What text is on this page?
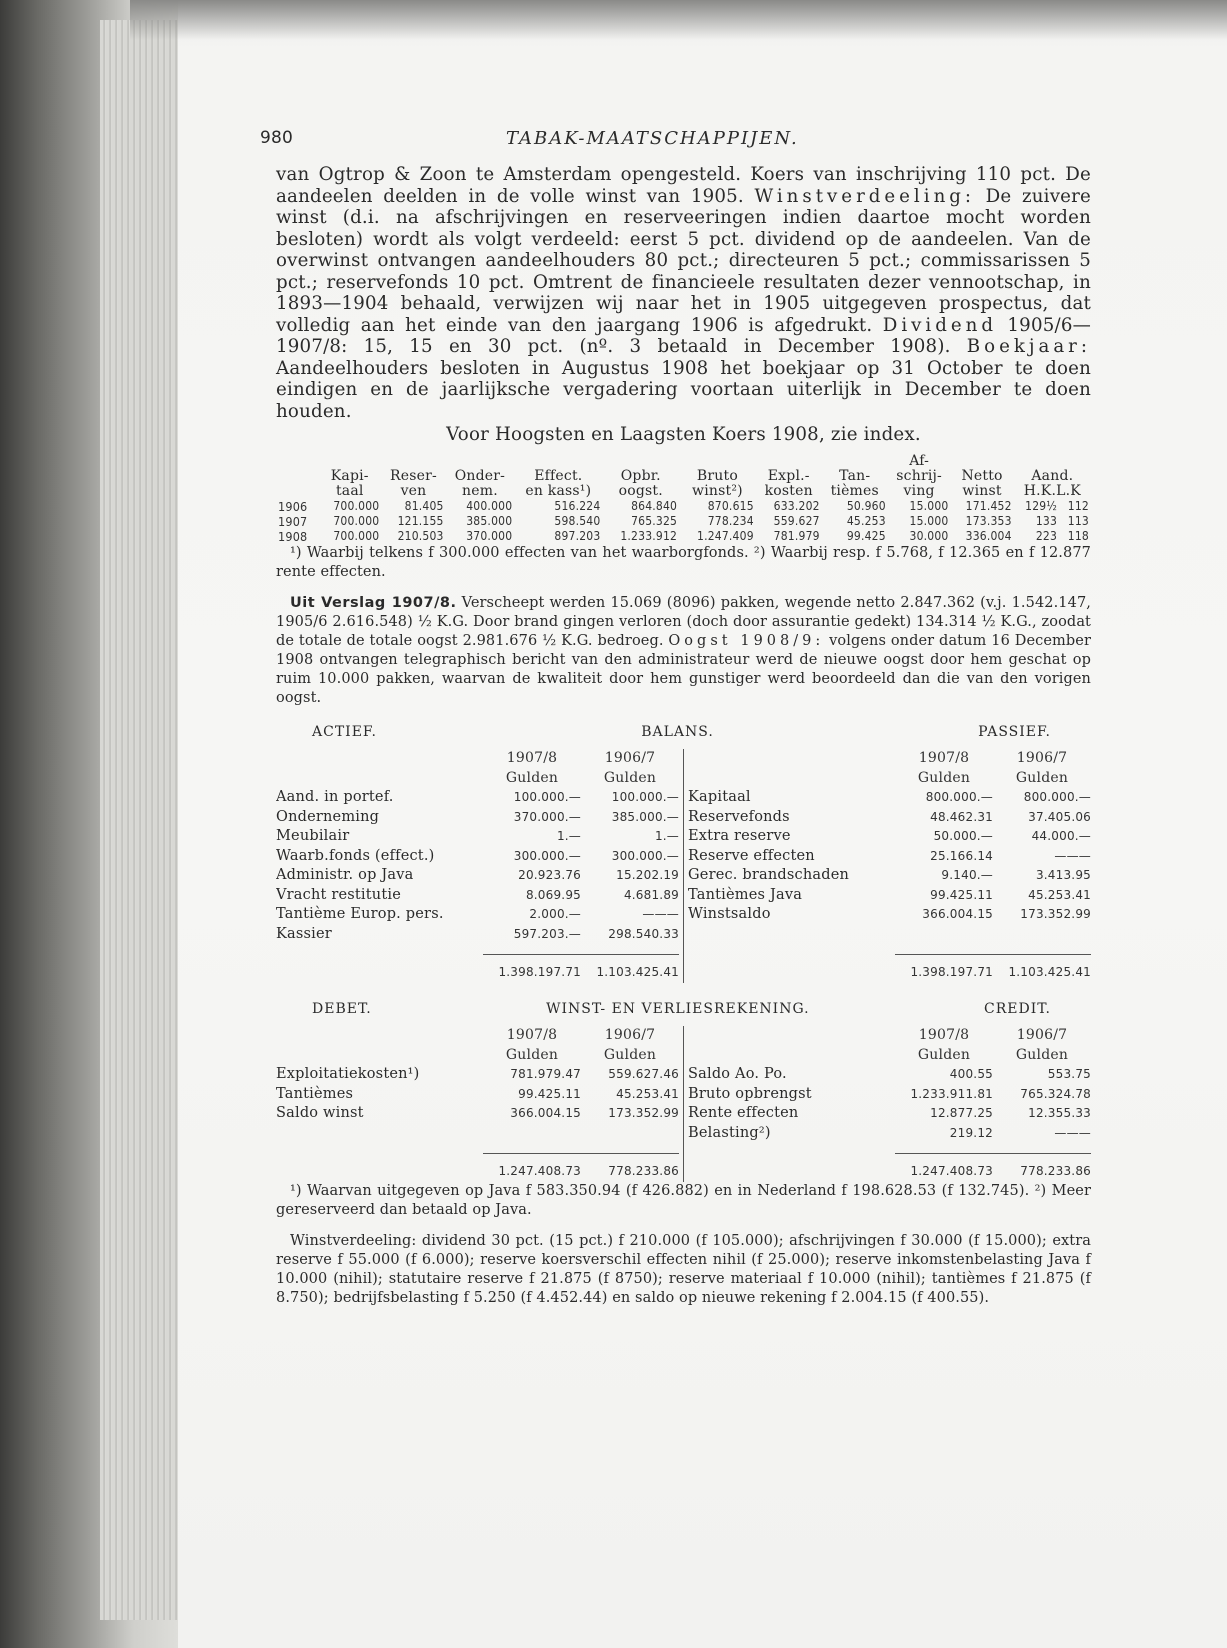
980	TABAK-MAATSCHAPPIJEN.

van Ogtrop & Zoon te Amsterdam opengesteld. Koers van inschrijving 110 pct. De aandeelen deelden in de volle winst van 1905. Winstverdeeling: De zuivere winst (d.i. na afschrijvingen en reserveeringen indien daartoe mocht worden besloten) wordt als volgt verdeeld: eerst 5 pct. dividend op de aandeelen. Van de overwinst ontvangen aandeelhouders 80 pct.; directeuren 5 pct.; commissarissen 5 pct.; reservefonds 10 pct. Omtrent de financieele resultaten dezer vennootschap, in 1893—1904 behaald, verwijzen wij naar het in 1905 uitgegeven prospectus, dat volledig aan het einde van den jaargang 1906 is afgedrukt. Dividend 1905/6—1907/8: 15, 15 en 30 pct. (nº. 3 betaald in December 1908). Boekjaar: Aandeelhouders besloten in Augustus 1908 het boekjaar op 31 October te doen eindigen en de jaarlijksche vergadering voortaan uiterlijk in December te doen houden.

Voor Hoogsten en Laagsten Koers 1908, zie index.

									Af-			
	Kapi-	Reser-	Onder-	Effect.	Opbr.	Bruto	Expl.-	Tan-	schrij-	Netto	Aand.	
	taal	ven	nem.	en kass¹)	oogst.	winst²)	kosten	tièmes	ving	winst	H.K.L.K	
1906	700.000	81.405	400.000	516.224	864.840	870.615	633.202	50.960	15.000	171.452	129½	112
1907	700.000	121.155	385.000	598.540	765.325	778.234	559.627	45.253	15.000	173.353	133	113
1908	700.000	210.503	370.000	897.203	1.233.912	1.247.409	781.979	99.425	30.000	336.004	223	118

¹) Waarbij telkens f 300.000 effecten van het waarborgfonds. ²) Waarbij resp. f 5.768, f 12.365 en f 12.877 rente effecten.

Uit Verslag 1907/8. Verscheept werden 15.069 (8096) pakken, wegende netto 2.847.362 (v.j. 1.542.147, 1905/6 2.616.548) ½ K.G. Door brand gingen verloren (doch door assurantie gedekt) 134.314 ½ K.G., zoodat de totale de totale oogst 2.981.676 ½ K.G. bedroeg. Oogst 1908/9: volgens onder datum 16 December 1908 ontvangen telegraphisch bericht van den administrateur werd de nieuwe oogst door hem geschat op ruim 10.000 pakken, waarvan de kwaliteit door hem gunstiger werd beoordeeld dan die van den vorigen oogst.

ACTIEF.	BALANS.	PASSIEF.
1907/8	1906/7
Gulden	Gulden
Aand. in portef.	100.000.—	100.000.—
Onderneming	370.000.—	385.000.—
Meubilair	1.—	1.—
Waarb.fonds (effect.)	300.000.—	300.000.—
Administr. op Java	20.923.76	15.202.19
Vracht restitutie	8.069.95	4.681.89
Tantième Europ. pers.	2.000.—	———
Kassier	597.203.—	298.540.33
1.398.197.71	1.103.425.41
1907/8	1906/7
Gulden	Gulden
Kapitaal	800.000.—	800.000.—
Reservefonds	48.462.31	37.405.06
Extra reserve	50.000.—	44.000.—
Reserve effecten	25.166.14	———
Gerec. brandschaden	9.140.—	3.413.95
Tantièmes Java	99.425.11	45.253.41
Winstsaldo	366.004.15	173.352.99

1.398.197.71	1.103.425.41
DEBET.	WINST- EN VERLIESREKENING.	CREDIT.
1907/8	1906/7
Gulden	Gulden
Exploitatiekosten¹)	781.979.47	559.627.46
Tantièmes	99.425.11	45.253.41
Saldo winst	366.004.15	173.352.99

1.247.408.73	778.233.86
1907/8	1906/7
Gulden	Gulden
Saldo Ao. Po.	400.55	553.75
Bruto opbrengst	1.233.911.81	765.324.78
Rente effecten	12.877.25	12.355.33
Belasting²)	219.12	———
1.247.408.73	778.233.86

¹) Waarvan uitgegeven op Java f 583.350.94 (f 426.882) en in Nederland f 198.628.53 (f 132.745). ²) Meer gereserveerd dan betaald op Java.

Winstverdeeling: dividend 30 pct. (15 pct.) f 210.000 (f 105.000); afschrijvingen f 30.000 (f 15.000); extra reserve f 55.000 (f 6.000); reserve koersverschil effecten nihil (f 25.000); reserve inkomstenbelasting Java f 10.000 (nihil); statutaire reserve f 21.875 (f 8750); reserve materiaal f 10.000 (nihil); tantièmes f 21.875 (f 8.750); bedrijfsbelasting f 5.250 (f 4.452.44) en saldo op nieuwe rekening f 2.004.15 (f 400.55).
